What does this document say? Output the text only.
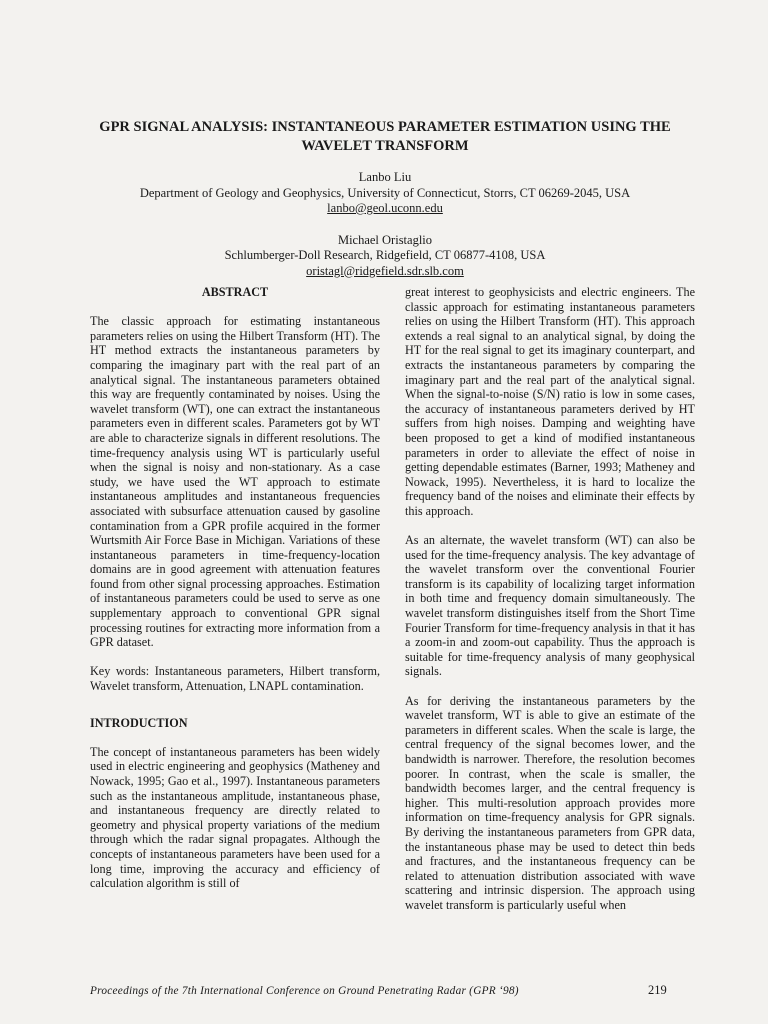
GPR SIGNAL ANALYSIS: INSTANTANEOUS PARAMETER ESTIMATION USING THE
WAVELET TRANSFORM
Lanbo Liu
Department of Geology and Geophysics, University of Connecticut, Storrs, CT 06269-2045, USA
lanbo@geol.uconn.edu
Michael Oristaglio
Schlumberger-Doll Research, Ridgefield, CT 06877-4108, USA
oristagl@ridgefield.sdr.slb.com
ABSTRACT

The classic approach for estimating instantaneous parameters relies on using the Hilbert Transform (HT). The HT method extracts the instantaneous parameters by comparing the imaginary part with the real part of an analytical signal. The instantaneous parameters obtained this way are frequently contaminated by noises. Using the wavelet transform (WT), one can extract the instantaneous parameters even in different scales. Parameters got by WT are able to characterize signals in different resolutions. The time-frequency analysis using WT is particularly useful when the signal is noisy and non-stationary. As a case study, we have used the WT approach to estimate instantaneous amplitudes and instantaneous frequencies associated with subsurface attenuation caused by gasoline contamination from a GPR profile acquired in the former Wurtsmith Air Force Base in Michigan. Variations of these instantaneous parameters in time-frequency-location domains are in good agreement with attenuation features found from other signal processing approaches. Estimation of instantaneous parameters could be used to serve as one supplementary approach to conventional GPR signal processing routines for extracting more information from a GPR dataset.

Key words: Instantaneous parameters, Hilbert transform, Wavelet transform, Attenuation, LNAPL contamination.

INTRODUCTION

The concept of instantaneous parameters has been widely used in electric engineering and geophysics (Matheney and Nowack, 1995; Gao et al., 1997). Instantaneous parameters such as the instantaneous amplitude, instantaneous phase, and instantaneous frequency are directly related to geometry and physical property variations of the medium through which the radar signal propagates. Although the concepts of instantaneous parameters have been used for a long time, improving the accuracy and efficiency of calculation algorithm is still of

great interest to geophysicists and electric engineers. The classic approach for estimating instantaneous parameters relies on using the Hilbert Transform (HT). This approach extends a real signal to an analytical signal, by doing the HT for the real signal to get its imaginary counterpart, and extracts the instantaneous parameters by comparing the imaginary part and the real part of the analytical signal. When the signal-to-noise (S/N) ratio is low in some cases, the accuracy of instantaneous parameters derived by HT suffers from high noises. Damping and weighting have been proposed to get a kind of modified instantaneous parameters in order to alleviate the effect of noise in getting dependable estimates (Barner, 1993; Matheney and Nowack, 1995). Nevertheless, it is hard to localize the frequency band of the noises and eliminate their effects by this approach.

As an alternate, the wavelet transform (WT) can also be used for the time-frequency analysis. The key advantage of the wavelet transform over the conventional Fourier transform is its capability of localizing target information in both time and frequency domain simultaneously. The wavelet transform distinguishes itself from the Short Time Fourier Transform for time-frequency analysis in that it has a zoom-in and zoom-out capability. Thus the approach is suitable for time-frequency analysis of many geophysical signals.

As for deriving the instantaneous parameters by the wavelet transform, WT is able to give an estimate of the parameters in different scales. When the scale is large, the central frequency of the signal becomes lower, and the bandwidth is narrower. Therefore, the resolution becomes poorer. In contrast, when the scale is smaller, the bandwidth becomes larger, and the central frequency is higher. This multi-resolution approach provides more information on time-frequency analysis for GPR signals. By deriving the instantaneous parameters from GPR data, the instantaneous phase may be used to detect thin beds and fractures, and the instantaneous frequency can be related to attenuation distribution associated with wave scattering and intrinsic dispersion. The approach using wavelet transform is particularly useful when

Proceedings of the 7th International Conference on Ground Penetrating Radar (GPR ‘98)	219
